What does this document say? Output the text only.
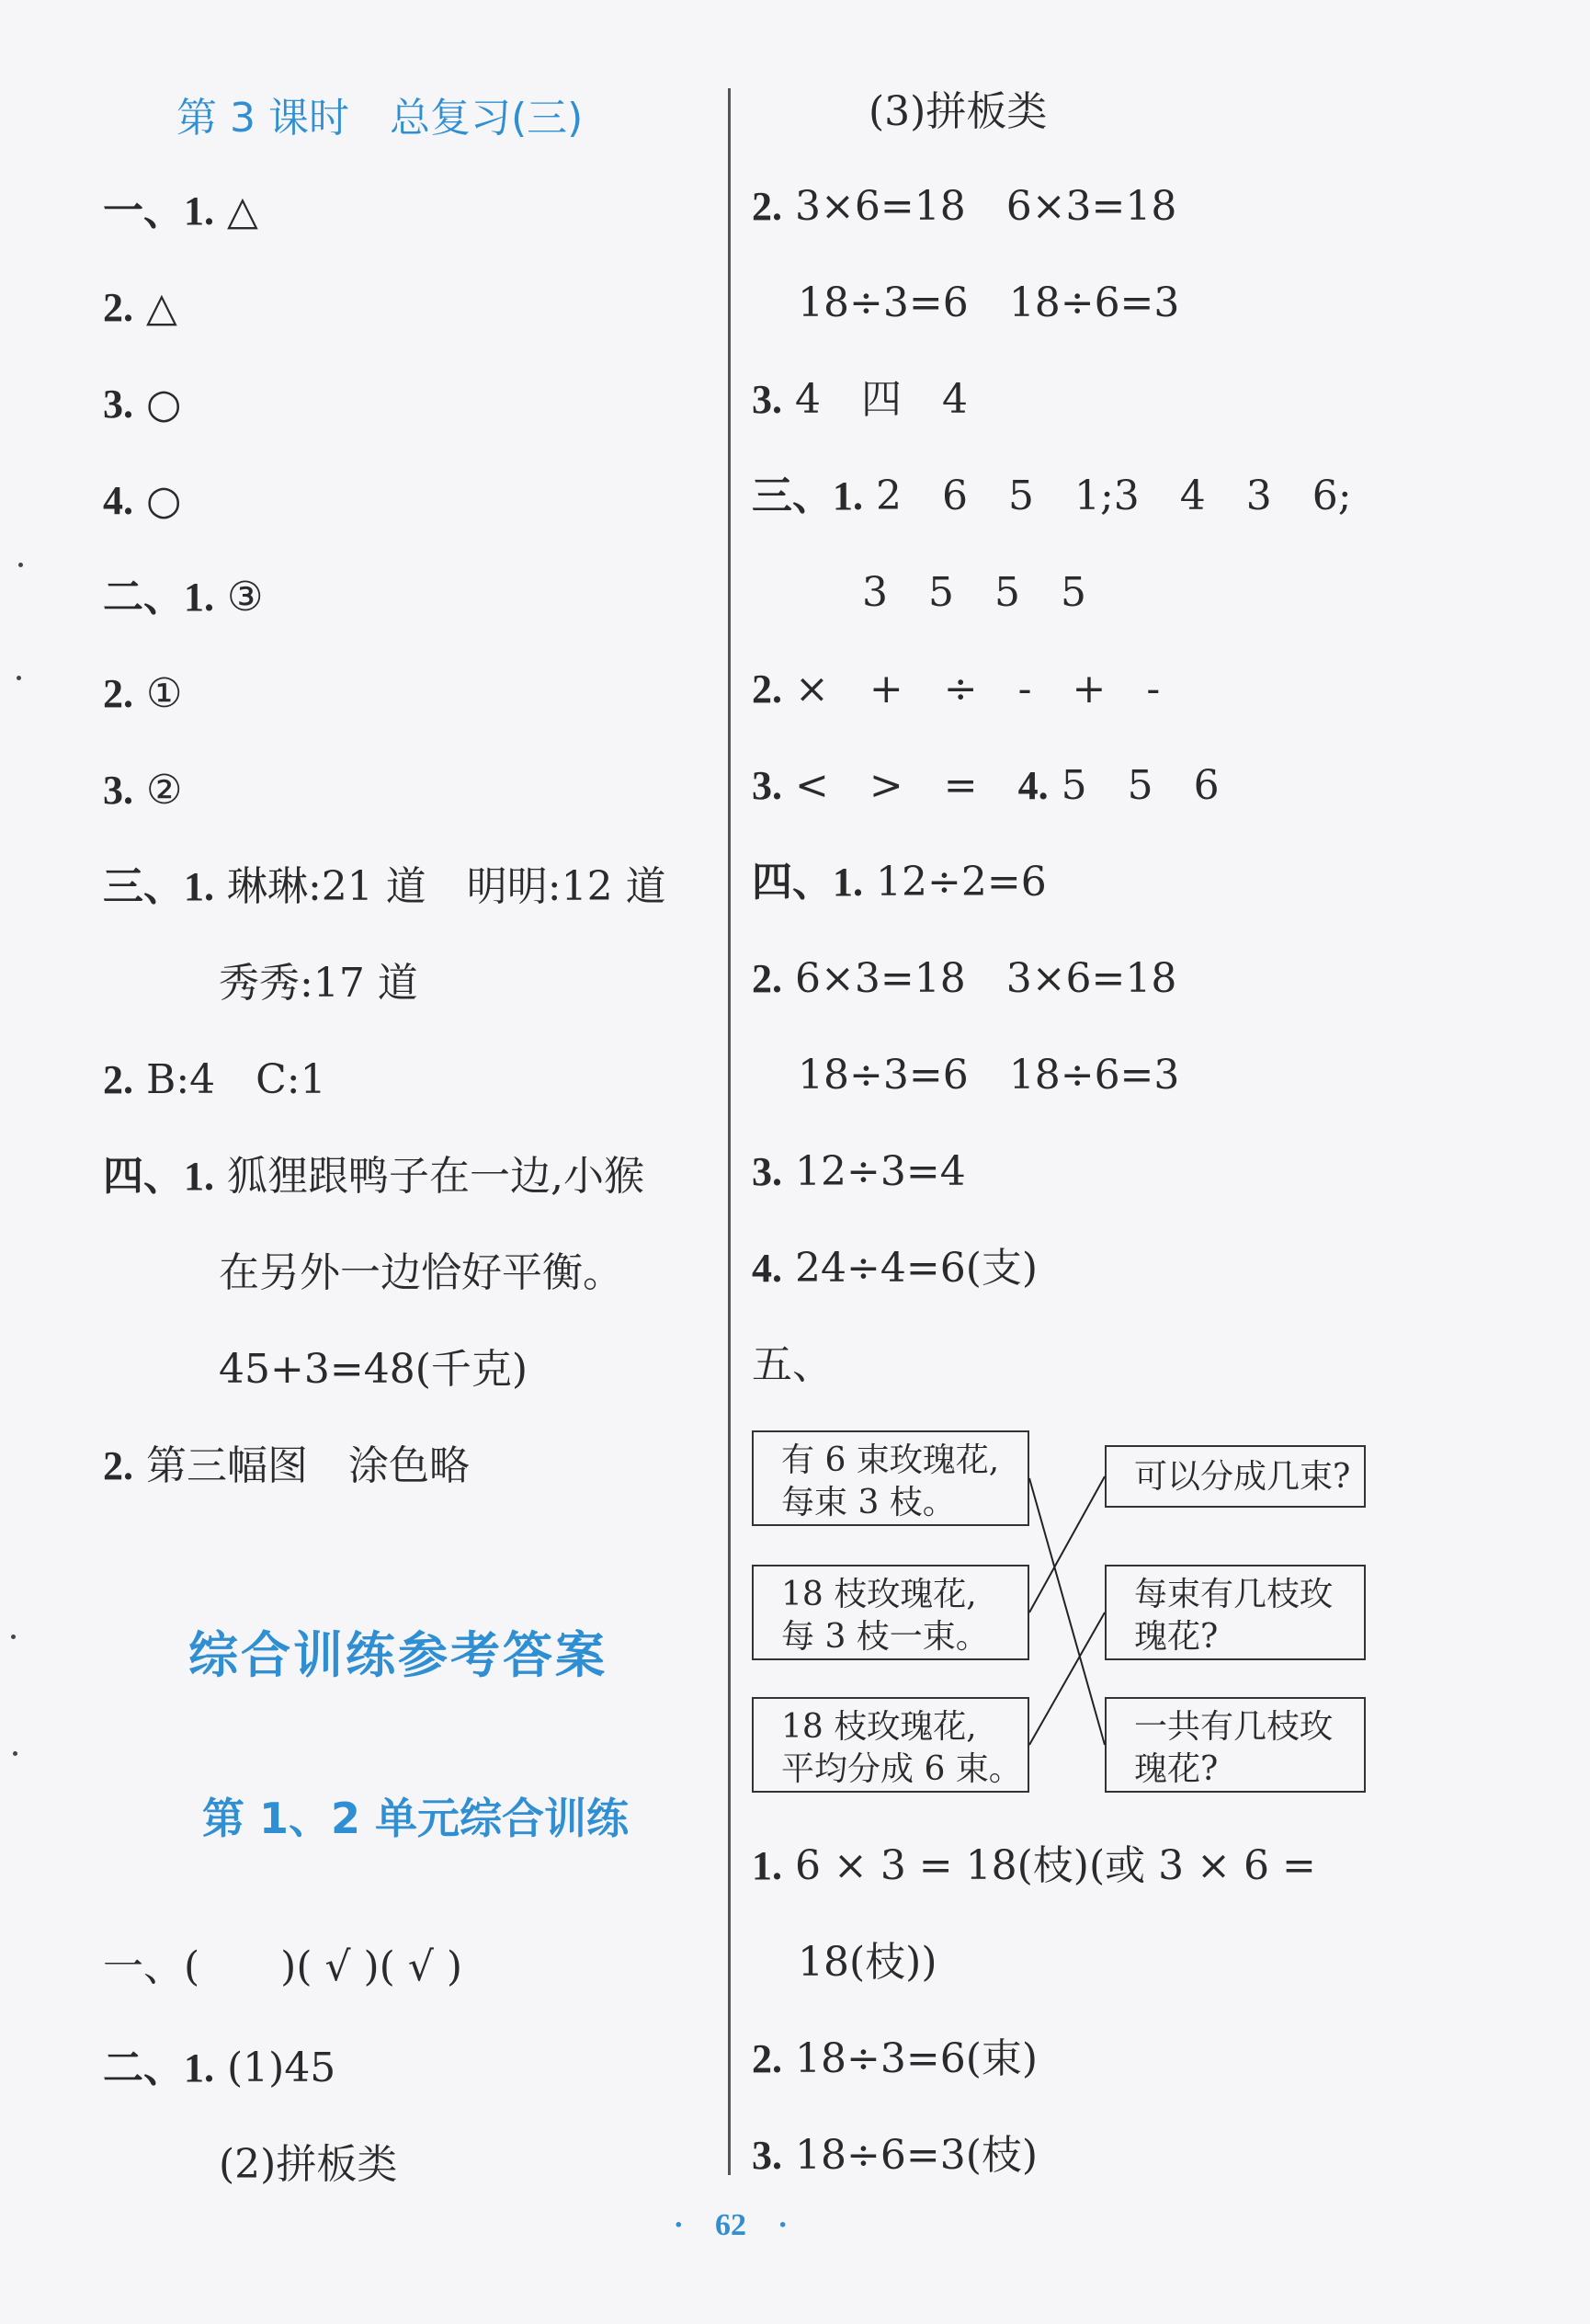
第 3 课时　总复习(三)
一、1. △
2. △
3. ○
4. ○
二、1. ③
2. ①
3. ②
三、1. 琳琳:21 道　明明:12 道
秀秀:17 道
2. B:4　C:1
四、1. 狐狸跟鸭子在一边,小猴
在另外一边恰好平衡。
45+3=48(千克)
2. 第三幅图　涂色略
综合训练参考答案
第 1、2 单元综合训练
一、(　　)( √ )( √ )
二、1. (1)45
(2)拼板类
(3)拼板类
2. 3×6=18　6×3=18
18÷3=6　18÷6=3
3. 4　四　4
三、1. 2　6　5　1;3　4　3　6;
3　5　5　5
2. ×　+　÷　-　+　-
3. <　>　=　4. 5　5　6
四、1. 12÷2=6
2. 6×3=18　3×6=18
18÷3=6　18÷6=3
3. 12÷3=4
4. 24÷4=6(支)
五、
有 6 束玫瑰花,
每束 3 枝。
18 枝玫瑰花,
每 3 枝一束。
18 枝玫瑰花,
平均分成 6 束。
可以分成几束?
每束有几枝玫
瑰花?
一共有几枝玫
瑰花?
1. 6 × 3 = 18(枝)(或 3 × 6 =
18(枝))
2. 18÷3=6(束)
3. 18÷6=3(枝)
·　62　·
